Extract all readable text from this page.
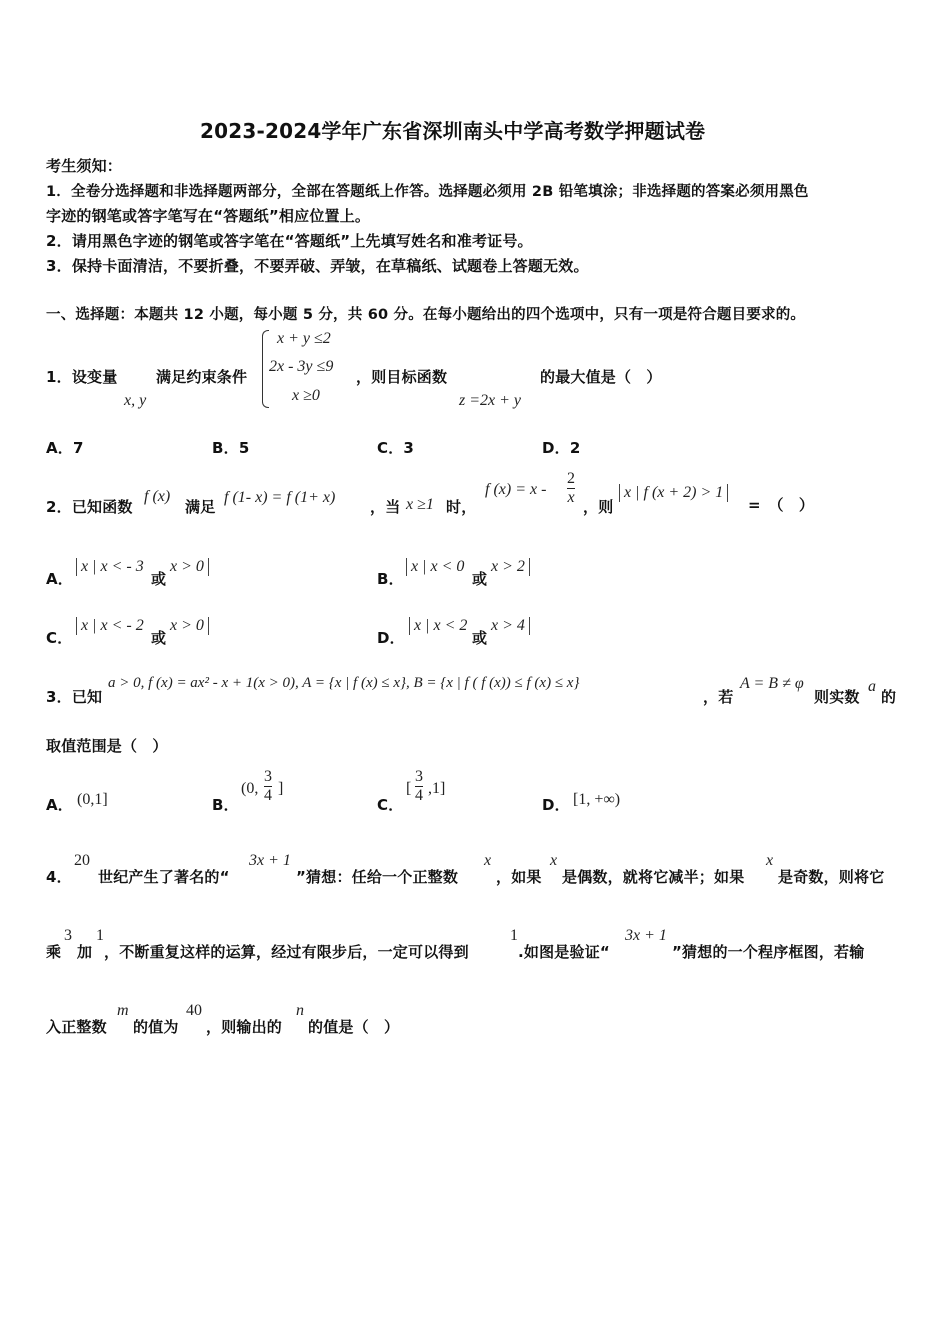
2023-2024学年广东省深圳南头中学高考数学押题试卷
考生须知：
1．全卷分选择题和非选择题两部分，全部在答题纸上作答。选择题必须用 2B 铅笔填涂；非选择题的答案必须用黑色
字迹的钢笔或答字笔写在“答题纸”相应位置上。
2．请用黑色字迹的钢笔或答字笔在“答题纸”上先填写姓名和准考证号。
3．保持卡面清洁，不要折叠，不要弄破、弄皱，在草稿纸、试题卷上答题无效。
一、选择题：本题共 12 小题，每小题 5 分，共 60 分。在每小题给出的四个选项中，只有一项是符合题目要求的。
1．设变量
x, y
满足约束条件
x + y ≤2
2x - 3y ≤9
x ≥0
，则目标函数
z =2x + y
的最大值是（　）
A．7	B．5	C．3	D．2
2．已知函数
f (x)
满足
f (1- x) = f (1+ x)
，当 x ≥1 时，
f (x) = x -
2
x
，则
x | f (x + 2) > 1
=　（　）
A．
x | x < - 3
或
x > 0
B．
x | x < 0
或
x > 2
C．
x | x < - 2
或
x > 0
D．
x | x < 2
或
x > 4
3．已知
a > 0, f (x) = ax² - x + 1(x > 0), A = {x | f (x) ≤ x}, B = {x | f ( f (x)) ≤ f (x) ≤ x}
，若
A = B ≠ φ
则实数
a
的
取值范围是（　）
A． (0,1]	B．
(0,
3
4 ]
C．
[
3
4 ,1]
D． [1, +∞)
4．
20
世纪产生了著名的“
3x + 1
”猜想：任给一个正整数
x
，如果
x
是偶数，就将它减半；如果
x
是奇数，则将它
乘
3
加
1
，不断重复这样的运算，经过有限步后，一定可以得到
1
.如图是验证“
3x + 1
”猜想的一个程序框图，若输
入正整数
m
的值为
40
，则输出的
n
的值是（　）
